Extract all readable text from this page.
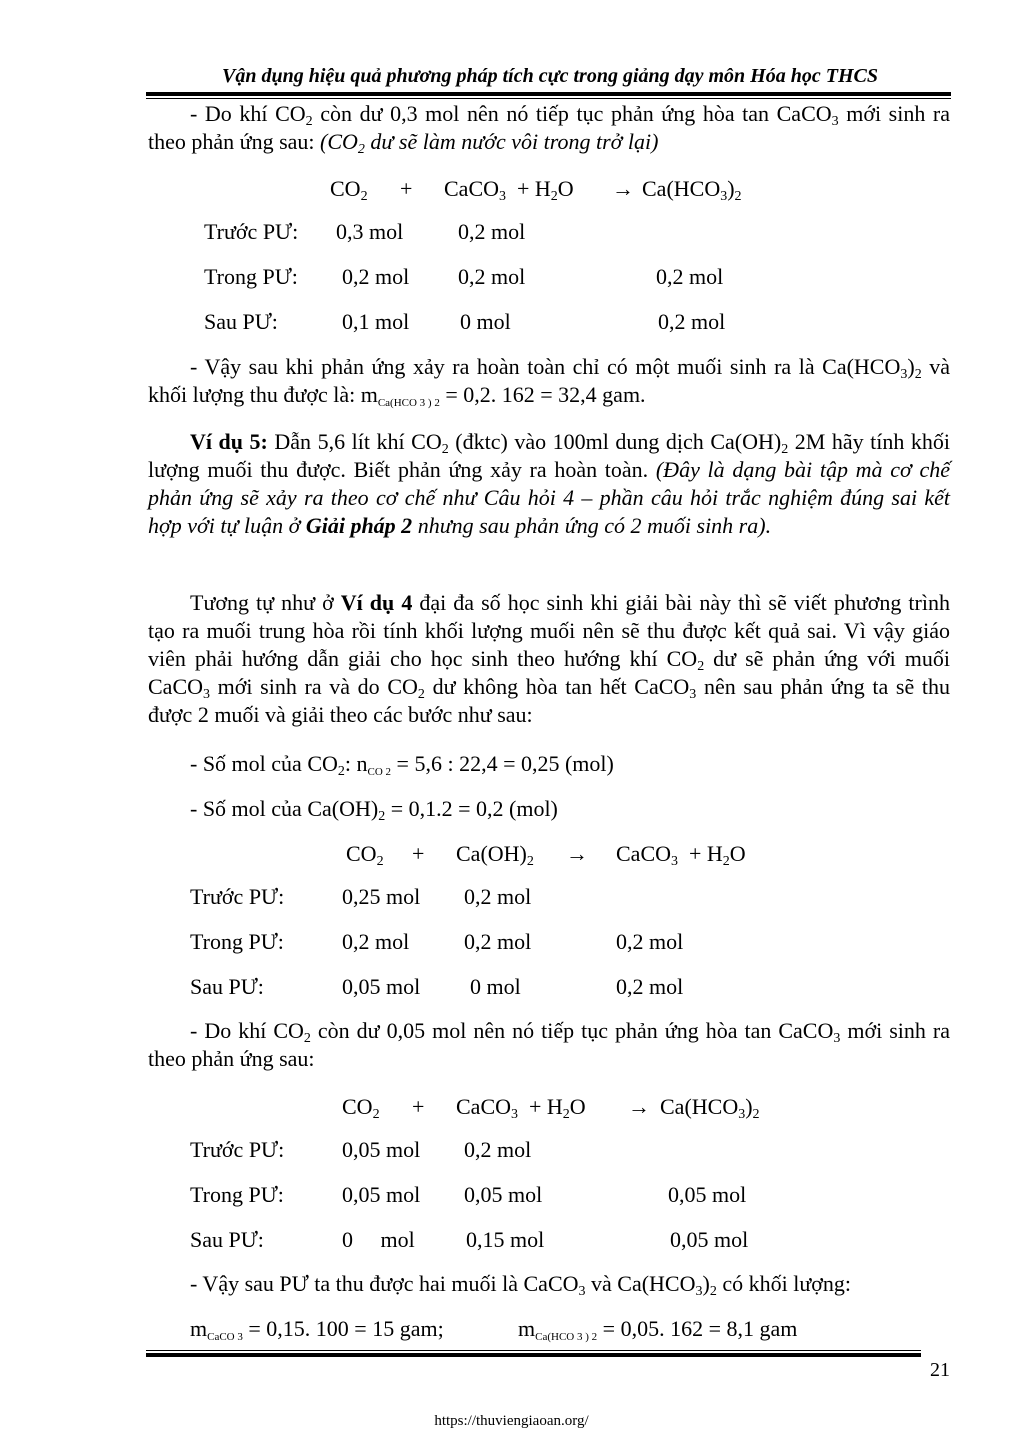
Vận dụng hiệu quả phương pháp tích cực trong giảng dạy môn Hóa học THCS
- Do khí $CO_2$ còn dư 0,3 mol nên nó tiếp tục phản ứng hòa tan CaCO$_3$ mới sinh ra theo phản ứng sau: ($CO_2$ dư sẽ làm nước vôi trong trở lại)
$CO_2$ + CaCO$_3$ + $H_2O \to Ca(HCO_3)_2$
Trước PƯ: 0,3 mol 0,2 mol
Trong PƯ: 0,2 mol 0,2 mol	0,2 mol
Sau PƯ:	0,1 mol 0 mol	0,2 mol
- Vậy sau khi phản ứng xảy ra hoàn toàn chỉ có một muối sinh ra là $Ca(HCO_3)_2$ và khối lượng thu được là: $m_{Ca(HCO 3 ) 2} = 0,2$. 162 = 32,4 gam.
Ví dụ 5: Dẫn 5,6 lít khí $CO_2$ (đktc) vào 100ml dung dịch $Ca(OH)_2$ 2M hãy tính khối lượng muối thu được. Biết phản ứng xảy ra hoàn toàn. (Đây là dạng bài tập mà cơ chế phản ứng sẽ xảy ra theo cơ chế như Câu hỏi 4 – phần câu hỏi trắc nghiệm đúng sai kết hợp với tự luận ở Giải pháp 2 nhưng sau phản ứng có 2 muối sinh ra).
Tương tự như ở Ví dụ 4 đại đa số học sinh khi giải bài này thì sẽ viết phương trình tạo ra muối trung hòa rồi tính khối lượng muối nên sẽ thu được kết quả sai. Vì vậy giáo viên phải hướng dẫn giải cho học sinh theo hướng khí $CO_2$ dư sẽ phản ứng với muối CaCO$_3$ mới sinh ra và do $CO_2$ dư không hòa tan hết CaCO$_3$ nên sau phản ứng ta sẽ thu được 2 muối và giải theo các bước như sau:
- Số mol của $CO_2$: $n_{CO 2} = 5,6$ : 22,4 = 0,25 (mol)
- Số mol của $Ca(OH)_2 = 0,1.2 = 0,2$ (mol)
$CO_2 + Ca(OH)_2$ → CaCO$_3$ + $H_2O$
Trước PƯ:	0,25 mol 0,2 mol
Trong PƯ:	0,2 mol 0,2 mol	0,2 mol
Sau PƯ:	0,05 mol 0 mol	0,2 mol
- Do khí $CO_2$ còn dư 0,05 mol nên nó tiếp tục phản ứng hòa tan CaCO$_3$ mới sinh ra theo phản ứng sau:
$CO_2$ + CaCO$_3$ + $H_2O \to Ca(HCO_3)_2$
Trước PƯ:	0,05 mol 0,2 mol
Trong PƯ:	0,05 mol 0,05 mol	0,05 mol
Sau PƯ:	0     mol 0,15 mol	0,05 mol
- Vậy sau PƯ ta thu được hai muối là CaCO$_3$ và $Ca(HCO_3)_2$ có khối lượng:
$m_{CaCO 3} = 0,15$. 100 = 15 gam;	$m_{Ca(HCO 3 ) 2} = 0,05$. 162 = 8,1 gam
21
https://thuviengiaoan.org/
